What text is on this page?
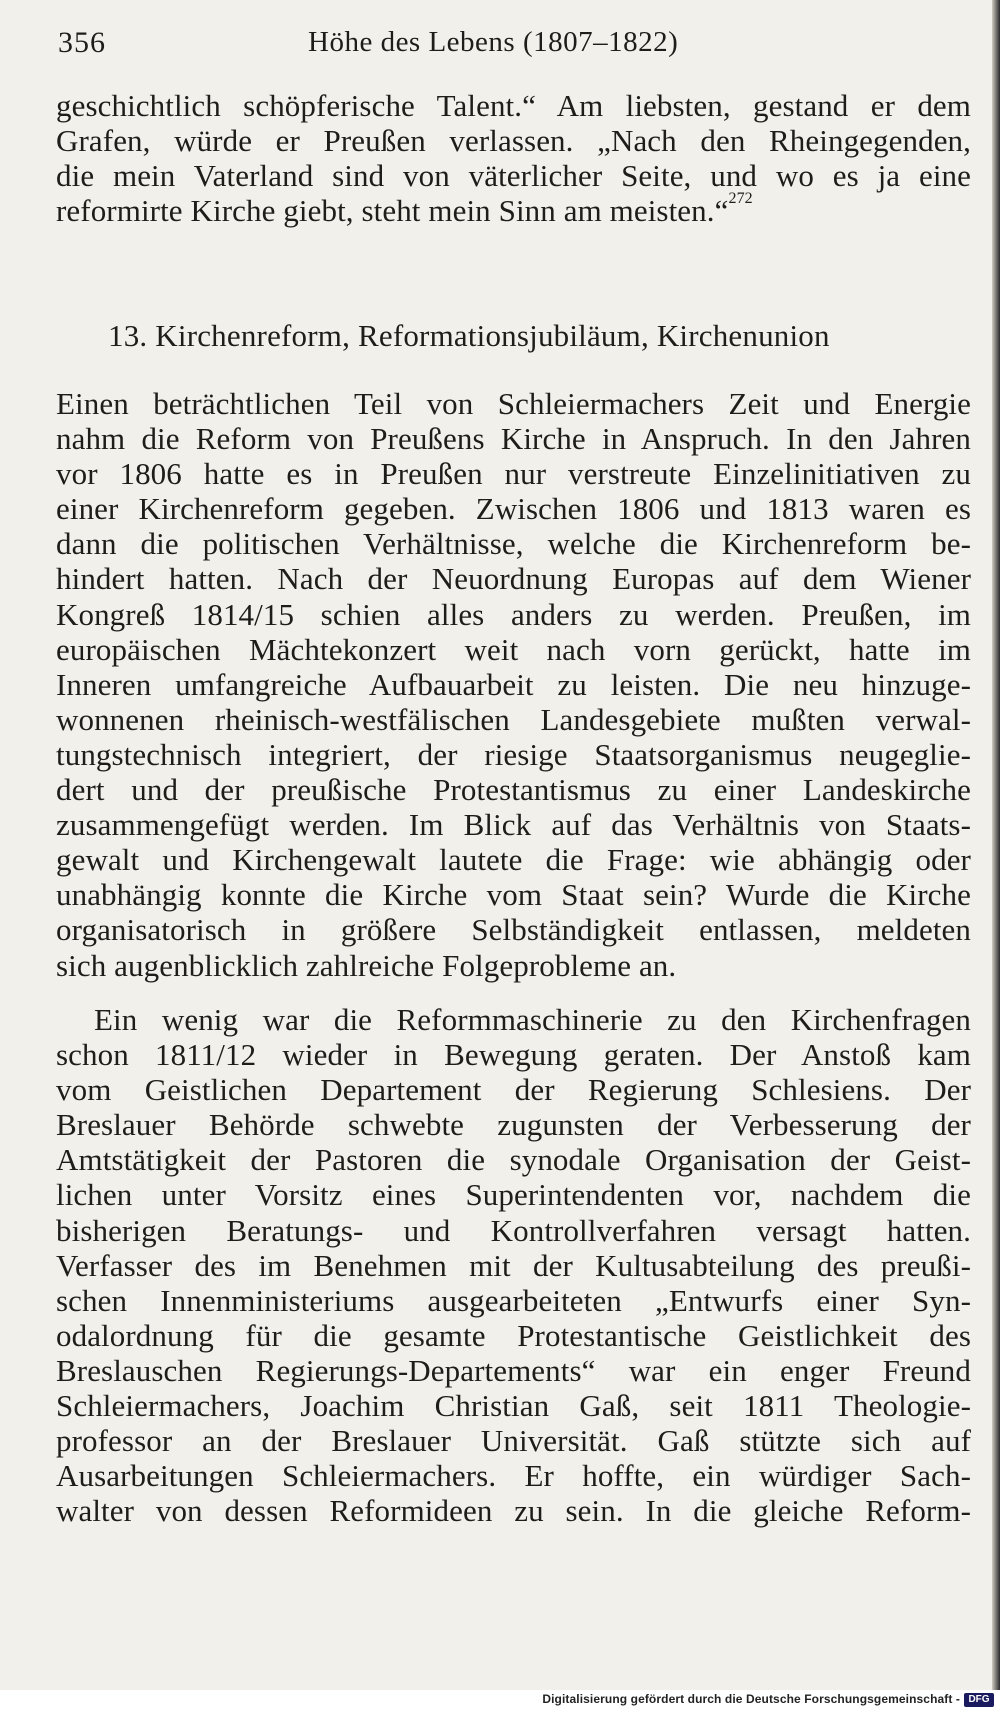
356	Höhe des Lebens (1807–1822)
geschichtlich schöpferische Talent.“ Am liebsten, gestand er dem
Grafen, würde er Preußen verlassen. „Nach den Rheingegenden,
die mein Vaterland sind von väterlicher Seite, und wo es ja eine
reformirte Kirche giebt, steht mein Sinn am meisten.“$^{272}$
13. Kirchenreform, Reformationsjubiläum, Kirchenunion
Einen beträchtlichen Teil von Schleiermachers Zeit und Energie
nahm die Reform von Preußens Kirche in Anspruch. In den Jahren
vor 1806 hatte es in Preußen nur verstreute Einzelinitiativen zu
einer Kirchenreform gegeben. Zwischen 1806 und 1813 waren es
dann die politischen Verhältnisse, welche die Kirchenreform be-
hindert hatten. Nach der Neuordnung Europas auf dem Wiener
Kongreß 1814/15 schien alles anders zu werden. Preußen, im
europäischen Mächtekonzert weit nach vorn gerückt, hatte im
Inneren umfangreiche Aufbauarbeit zu leisten. Die neu hinzuge-
wonnenen rheinisch-westfälischen Landesgebiete mußten verwal-
tungstechnisch integriert, der riesige Staatsorganismus neugeglie-
dert und der preußische Protestantismus zu einer Landeskirche
zusammengefügt werden. Im Blick auf das Verhältnis von Staats-
gewalt und Kirchengewalt lautete die Frage: wie abhängig oder
unabhängig konnte die Kirche vom Staat sein? Wurde die Kirche
organisatorisch in größere Selbständigkeit entlassen, meldeten
sich augenblicklich zahlreiche Folgeprobleme an.
Ein wenig war die Reformmaschinerie zu den Kirchenfragen
schon 1811/12 wieder in Bewegung geraten. Der Anstoß kam
vom Geistlichen Departement der Regierung Schlesiens. Der
Breslauer Behörde schwebte zugunsten der Verbesserung der
Amtstätigkeit der Pastoren die synodale Organisation der Geist-
lichen unter Vorsitz eines Superintendenten vor, nachdem die
bisherigen Beratungs- und Kontrollverfahren versagt hatten.
Verfasser des im Benehmen mit der Kultusabteilung des preußi-
schen Innenministeriums ausgearbeiteten „Entwurfs einer Syn-
odalordnung für die gesamte Protestantische Geistlichkeit des
Breslauschen Regierungs-Departements“ war ein enger Freund
Schleiermachers, Joachim Christian Gaß, seit 1811 Theologie-
professor an der Breslauer Universität. Gaß stützte sich auf
Ausarbeitungen Schleiermachers. Er hoffte, ein würdiger Sach-
walter von dessen Reformideen zu sein. In die gleiche Reform-
Digitalisierung gefördert durch die Deutsche Forschungsgemeinschaft - DFG
